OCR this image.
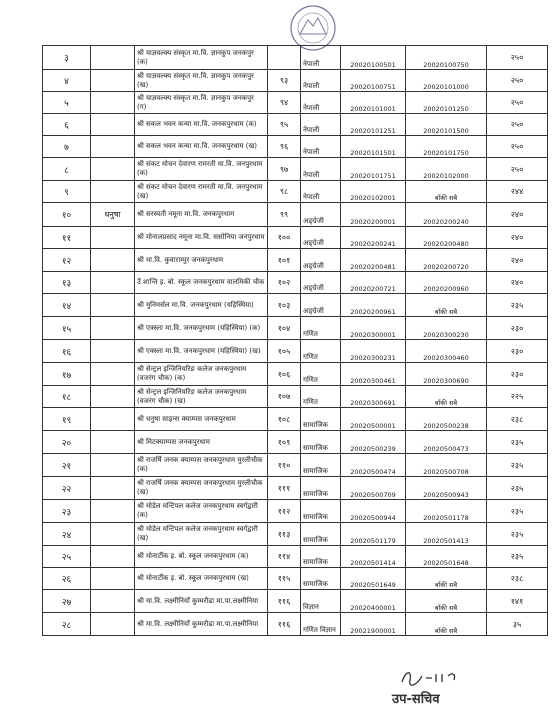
३		श्री याज्ञवल्क्य संस्कृत मा.वि. ज्ञानकुप जनकपुर (क)		नेपाली	20020100501	20020100750	२५०
४		श्री याज्ञवल्क्य संस्कृत मा.वि. ज्ञानकुप जनकपुर (ख)	९३	नेपाली	20020100751	20020101000	२५०
५		श्री याज्ञवल्क्य संस्कृत मा.वि. ज्ञानकुप जनकपुर (ग)	९४	नेपाली	20020101001	20020101250	२५०
६		श्री सकल भवन कन्या मा.वि. जनकपुरधाम (क)	९५	नेपाली	20020101251	20020101500	२५०
७		श्री सकल भवन कन्या मा.वि. जनकपुरधाम (ख)	९६	नेपाली	20020101501	20020101750	२५०
८		श्री संकट मोचन देवारण रामरती मा.वि. जनपुरधाम (क)	९७	नेपाली	20020101751	20020102000	२५०
९		श्री संकट मोचन देवारण रामरती मा.वि. जनपुरधाम (ख)	९८	नेपाली	20020102001	बाँकी सबै	२४४
१०	धनुषा	श्री सरस्वती नमूना मा.वि. जनकपुरधाम	९९	अङ्ग्रेजी	20020200001	20020200240	२४०
११		श्री मोनालप्रसाद नमूना मा.वि. ससोनिया जनपुरधाम	१००	अङ्ग्रेजी	20020200241	20020200480	२४०
१२		श्री मा.वि. कुवाराम्पुर जनकपुरधाम	१०१	अङ्ग्रेजी	20020200481	20020200720	२४०
१३		उँ शान्ति इ. बो. स्कूल जनकपुरधाम वालमिकी चौक	१०२	अङ्ग्रेजी	20020200721	20020200960	२४०
१४		श्री मुनिमर्सल मा.वि. जनकपुरधाम (यहिस्थिया)	१०३	अङ्ग्रेजी	20020200961	बाँकी सबै	२३५
१५		श्री एक्स्ला मा.वि. जनकपुरधाम (यहिस्थिया) (क)	१०४	गणित	20020300001	20020300230	२३०
१६		श्री एक्स्ला मा.वि. जनकपुरधाम (यहिस्थिया) (ख)	१०५	गणित	20020300231	20020300460	२३०
१७		श्री सेन्ट्रल इन्जिनियरिङ कलेज जनकपुरधाम (वजरंग चौक) (क)	१०६	गणित	20020300461	20020300690	२३०
१८		श्री सेन्ट्रल इन्जिनियरिङ कलेज जनकपुरधाम (वजरंग चौक) (ख)	१०७	गणित	20020300691	बाँकी सबै	२२५
१९		श्री धनुषा साइन्स क्याम्पस जनकपुरधाम	१०८	सामाजिक	20020500001	20020500238	२३८
२०		श्री मिटक्याम्पस जनकपुरधाम	१०९	सामाजिक	20020500239	20020500473	२३५
२१		श्री राजर्षि जनक क्याम्पस जनकपुरधाम मुरलीचौक (क)	११०	सामाजिक	20020500474	20020500708	२३५
२२		श्री राजर्षि जनक क्याम्पस जनकपुरधाम मुरलीचौक (ख)	१११	सामाजिक	20020500709	20020500943	२३५
२३		श्री मोडेल मन्टिपल कलेज जनकपुरधाम स्वर्गद्वारी (क)	११२	सामाजिक	20020500944	20020501178	२३५
२४		श्री मोडेल मन्टिपल कलेज जनकपुरधाम स्वर्गद्वारी (ख)	११३	सामाजिक	20020501179	20020501413	२३५
२५		श्री मोनार्टीक इ. बो. स्कूल जनकपुरधाम (क)	११४	सामाजिक	20020501414	20020501648	२३५
२६		श्री मोनार्टीक इ. बो. स्कूल जनकपुरधाम (ख)	११५	सामाजिक	20020501649	बाँकी सबै	२३८
२७		श्री मा.वि. लक्ष्मीनियाँ कुम्मरौढा मा.पा.लक्ष्मीनिया	११६	विज्ञान	20020400001	बाँकी सबै	१४१
२८		श्री मा.वि. लक्ष्मीनियाँ कुम्मरौढा मा.पा.लक्ष्मीनिया	११६	गणित विज्ञान	20021900001	बाँकी सबै	३५
उप-सचिव
